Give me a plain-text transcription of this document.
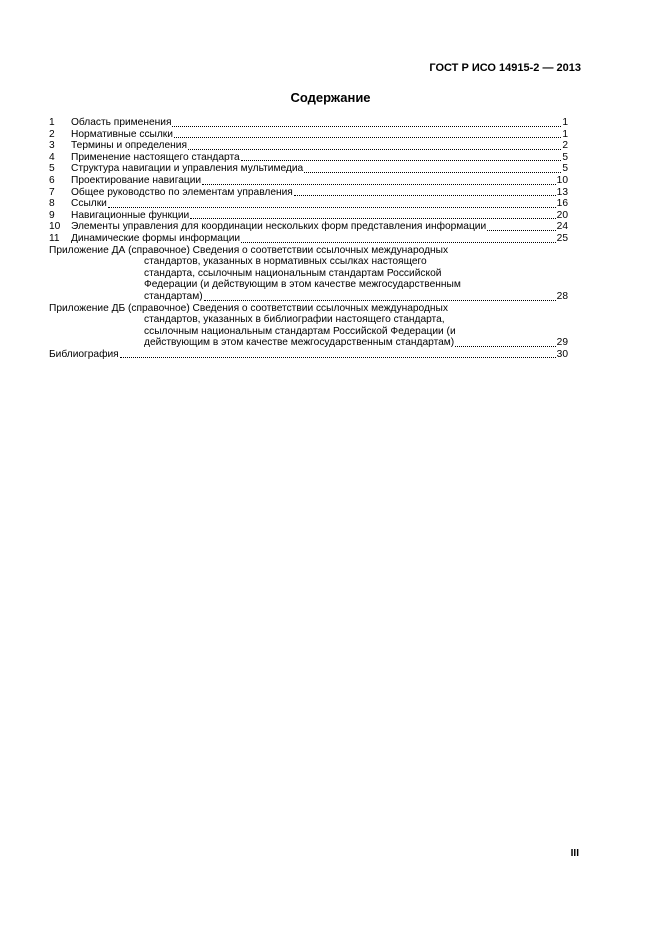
ГОСТ Р ИСО 14915-2 — 2013
Содержание
1	Область применения	1
2	Нормативные ссылки	1
3	Термины и определения	2
4	Применение настоящего стандарта	5
5	Структура навигации и управления мультимедиа	5
6	Проектирование навигации	10
7	Общее руководство по элементам управления	13
8	Ссылки	16
9	Навигационные функции	20
10	Элементы управления для координации нескольких форм представления информации	24
11	Динамические формы информации	25
Приложение ДА (справочное) Сведения о соответствии ссылочных международных
стандартов, указанных в нормативных ссылках настоящего
стандарта, ссылочным национальным стандартам Российской
Федерации (и действующим в этом качестве межгосударственным
стандартам)	28
Приложение ДБ (справочное) Сведения о соответствии ссылочных международных
стандартов, указанных в библиографии настоящего стандарта,
ссылочным национальным стандартам Российской Федерации (и
действующим в этом качестве межгосударственным стандартам)	29
Библиография	30
III
